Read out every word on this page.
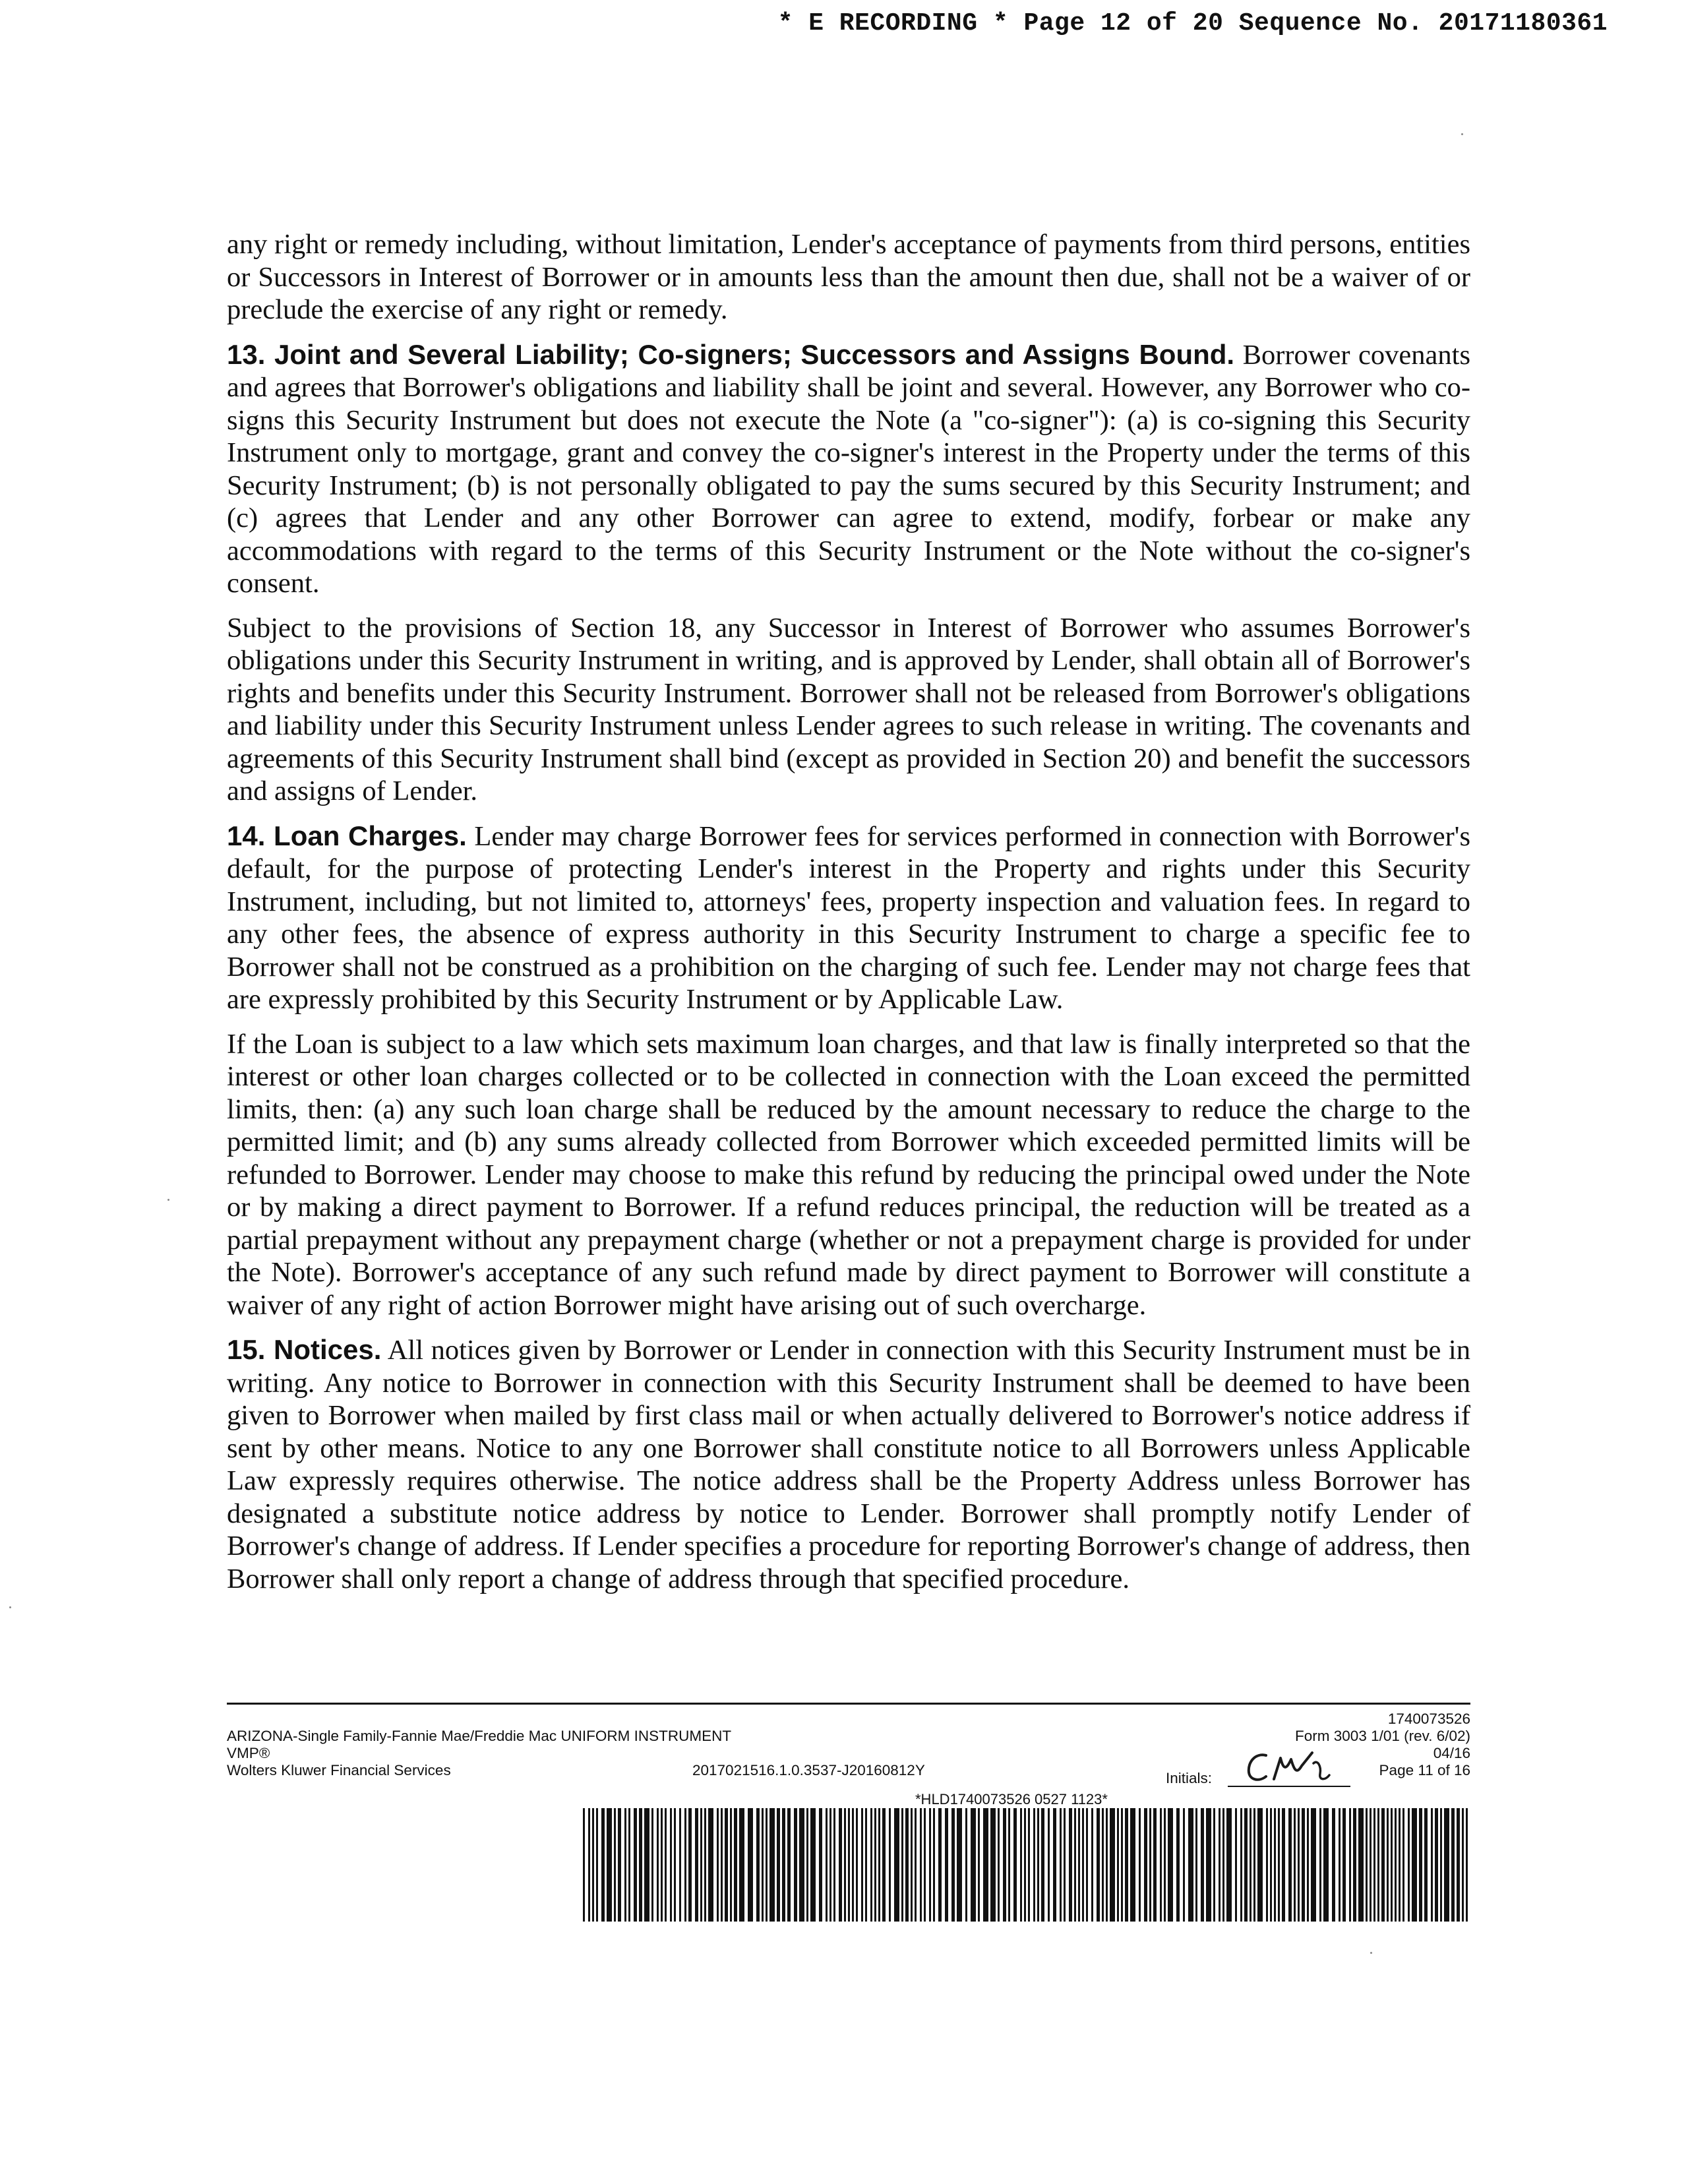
* E RECORDING * Page 12 of 20 Sequence No. 20171180361

any right or remedy including, without limitation, Lender's acceptance of payments from third persons, entities or Successors in Interest of Borrower or in amounts less than the amount then due, shall not be a waiver of or preclude the exercise of any right or remedy.

13. Joint and Several Liability; Co-signers; Successors and Assigns Bound. Borrower covenants and agrees that Borrower's obligations and liability shall be joint and several. However, any Borrower who co-signs this Security Instrument but does not execute the Note (a "co-signer"): (a) is co-signing this Security Instrument only to mortgage, grant and convey the co-signer's interest in the Property under the terms of this Security Instrument; (b) is not personally obligated to pay the sums secured by this Security Instrument; and (c) agrees that Lender and any other Borrower can agree to extend, modify, forbear or make any accommodations with regard to the terms of this Security Instrument or the Note without the co-signer's consent.

Subject to the provisions of Section 18, any Successor in Interest of Borrower who assumes Borrower's obligations under this Security Instrument in writing, and is approved by Lender, shall obtain all of Borrower's rights and benefits under this Security Instrument. Borrower shall not be released from Borrower's obligations and liability under this Security Instrument unless Lender agrees to such release in writing. The covenants and agreements of this Security Instrument shall bind (except as provided in Section 20) and benefit the successors and assigns of Lender.

14. Loan Charges. Lender may charge Borrower fees for services performed in connection with Borrower's default, for the purpose of protecting Lender's interest in the Property and rights under this Security Instrument, including, but not limited to, attorneys' fees, property inspection and valuation fees. In regard to any other fees, the absence of express authority in this Security Instrument to charge a specific fee to Borrower shall not be construed as a prohibition on the charging of such fee. Lender may not charge fees that are expressly prohibited by this Security Instrument or by Applicable Law.

If the Loan is subject to a law which sets maximum loan charges, and that law is finally interpreted so that the interest or other loan charges collected or to be collected in connection with the Loan exceed the permitted limits, then: (a) any such loan charge shall be reduced by the amount necessary to reduce the charge to the permitted limit; and (b) any sums already collected from Borrower which exceeded permitted limits will be refunded to Borrower. Lender may choose to make this refund by reducing the principal owed under the Note or by making a direct payment to Borrower. If a refund reduces principal, the reduction will be treated as a partial prepayment without any prepayment charge (whether or not a prepayment charge is provided for under the Note). Borrower's acceptance of any such refund made by direct payment to Borrower will constitute a waiver of any right of action Borrower might have arising out of such overcharge.

15. Notices. All notices given by Borrower or Lender in connection with this Security Instrument must be in writing. Any notice to Borrower in connection with this Security Instrument shall be deemed to have been given to Borrower when mailed by first class mail or when actually delivered to Borrower's notice address if sent by other means. Notice to any one Borrower shall constitute notice to all Borrowers unless Applicable Law expressly requires otherwise. The notice address shall be the Property Address unless Borrower has designated a substitute notice address by notice to Lender. Borrower shall promptly notify Lender of Borrower's change of address. If Lender specifies a procedure for reporting Borrower's change of address, then Borrower shall only report a change of address through that specified procedure.

1740073526
ARIZONA-Single Family-Fannie Mae/Freddie Mac UNIFORM INSTRUMENT	Form 3003 1/01 (rev. 6/02)
VMP®	04/16
Wolters Kluwer Financial Services	2017021516.1.0.3537-J20160812Y	Initials:	Page 11 of 16
*HLD1740073526 0527 1123*
